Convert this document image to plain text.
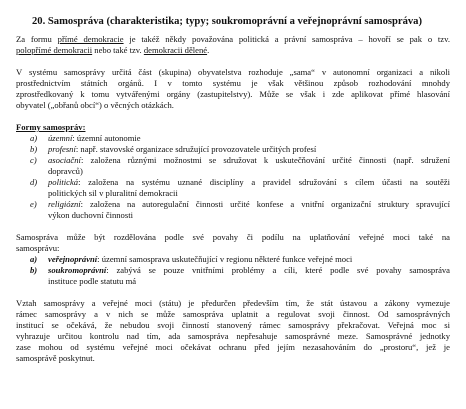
20. Samospráva (charakteristika; typy; soukromoprávní a veřejnoprávní samospráva)
Za formu přímé demokracie je takéž někdy považována politická a právní samospráva – hovoří se pak o tzv.
polopřímé demokracii nebo také tzv. demokracii dělené.
V systému samosprávy určitá část (skupina) obyvatelstva rozhoduje „sama“ v autonomní organizaci a nikoli
prostřednictvím státních orgánů. I v tomto systému je však většinou způsob rozhodování mnohdy
zprostředkovaný k tomu vytvářenými orgány (zastupitelstvy). Může se však i zde aplikovat přímé hlasování
obyvatel („obřanů obcí“) o věcných otázkách.
Formy samospráv:
a) územní: územní autonomie
b) profesní: např. stavovské organizace sdružující provozovatele určitých profesí
c) asociační: založena různými možnostmi se sdružovat k uskutečňování určité činnosti (např. sdružení
dopravců)
d) politická: založena na systému uznané disciplíny a pravidel sdružování s cílem účasti na soutěži
politických sil v pluralitní demokracii
e) religiózní: založena na autoregulační činnosti určité konfese a vnitřní organizační struktury spravující
výkon duchovní činnosti
Samospráva může být rozdělována podle své povahy či podílu na uplatňování veřejné moci také na
samosprávu:
a) veřejnoprávní: územní samosprava uskutečňující v regionu některé funkce veřejné moci
b) soukromoprávní: zabývá se pouze vnitřními problémy a cíli, které podle své povahy samospráva
instituce podle statutu má
Vztah samosprávy a veřejné moci (státu) je předurčen především tím, že stát ústavou a zákony vymezuje
rámec samosprávy a v nich se může samospráva uplatnit a regulovat svoji činnost. Od samosprávných
institucí se očekává, že nebudou svoji činností stanovený rámec samosprávy překračovat. Veřejná moc si
vyhrazuje určitou kontrolu nad tím, ada samospráva nepřesahuje samosprávné meze. Samosprávné jednotky
zase mohou od systému veřejné moci očekávat ochranu před jejím nezasahováním do „prostoru“, jež je
samosprávě poskytnut.
